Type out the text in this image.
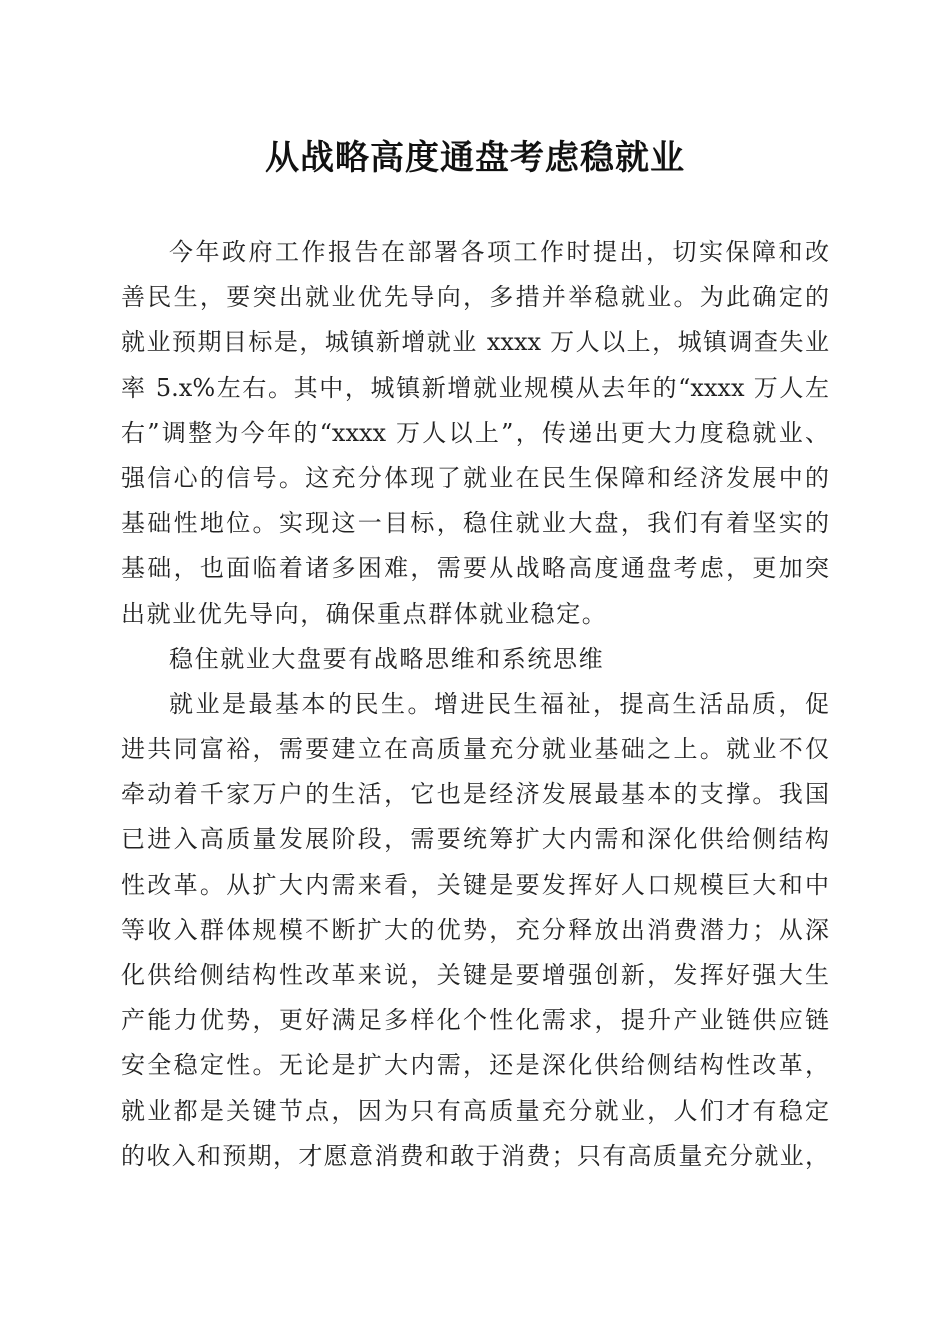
从战略高度通盘考虑稳就业
今年政府工作报告在部署各项工作时提出，切实保障和改
善民生，要突出就业优先导向，多措并举稳就业。为此确定的
就业预期目标是，城镇新增就业 xxxx 万人以上，城镇调查失业
率 5.x%左右。其中，城镇新增就业规模从去年的“xxxx 万人左
右”调整为今年的“xxxx 万人以上”，传递出更大力度稳就业、
强信心的信号。这充分体现了就业在民生保障和经济发展中的
基础性地位。实现这一目标，稳住就业大盘，我们有着坚实的
基础，也面临着诸多困难，需要从战略高度通盘考虑，更加突
出就业优先导向，确保重点群体就业稳定。
稳住就业大盘要有战略思维和系统思维
就业是最基本的民生。增进民生福祉，提高生活品质，促
进共同富裕，需要建立在高质量充分就业基础之上。就业不仅
牵动着千家万户的生活，它也是经济发展最基本的支撑。我国
已进入高质量发展阶段，需要统筹扩大内需和深化供给侧结构
性改革。从扩大内需来看，关键是要发挥好人口规模巨大和中
等收入群体规模不断扩大的优势，充分释放出消费潜力；从深
化供给侧结构性改革来说，关键是要增强创新，发挥好强大生
产能力优势，更好满足多样化个性化需求，提升产业链供应链
安全稳定性。无论是扩大内需，还是深化供给侧结构性改革，
就业都是关键节点，因为只有高质量充分就业，人们才有稳定
的收入和预期，才愿意消费和敢于消费；只有高质量充分就业，
